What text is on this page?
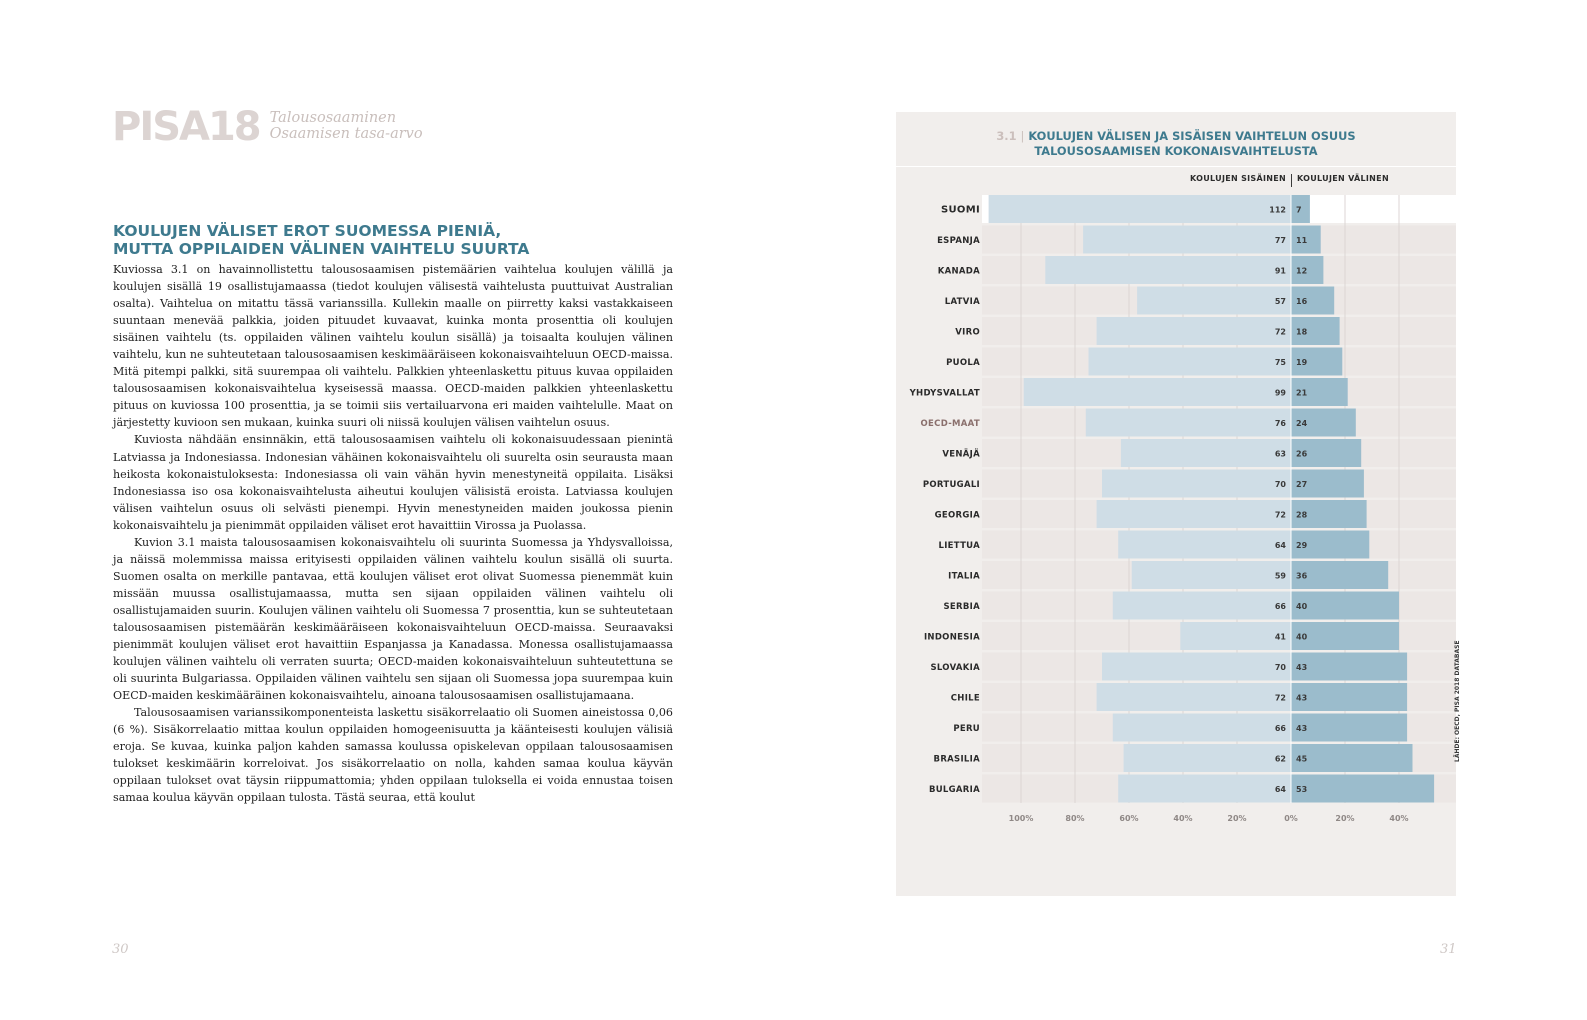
PISA18 Talousosaaminen
Osaamisen tasa-arvo
KOULUJEN VÄLISET EROT SUOMESSA PIENIÄ,
MUTTA OPPILAIDEN VÄLINEN VAIHTELU SUURTA

Kuviossa 3.1 on havainnollistettu talousosaamisen pistemäärien vaihtelua koulujen välillä ja koulujen sisällä 19 osallistujamaassa (tiedot koulujen välisestä vaihtelusta puuttuivat Australian osalta). Vaihtelua on mitattu tässä varianssilla. Kullekin maalle on piirretty kaksi vastakkaiseen suuntaan menevää palkkia, joiden pituudet kuvaavat, kuinka monta prosenttia oli koulujen sisäinen vaihtelu (ts. oppilaiden välinen vaihtelu koulun sisällä) ja toisaalta koulujen välinen vaihtelu, kun ne suhteutetaan talousosaamisen keskimääräiseen kokonaisvaihteluun OECD-maissa. Mitä pitempi palkki, sitä suurempaa oli vaihtelu. Palkkien yhteenlaskettu pituus kuvaa oppilaiden talousosaamisen kokonaisvaihtelua kyseisessä maassa. OECD-maiden palkkien yhteenlaskettu pituus on kuviossa 100 prosenttia, ja se toimii siis vertailuarvona eri maiden vaihtelulle. Maat on järjestetty kuvioon sen mukaan, kuinka suuri oli niissä koulujen välisen vaihtelun osuus.

Kuviosta nähdään ensinnäkin, että talousosaamisen vaihtelu oli kokonaisuudessaan pienintä Latviassa ja Indonesiassa. Indonesian vähäinen kokonaisvaihtelu oli suurelta osin seurausta maan heikosta kokonaistuloksesta: Indonesiassa oli vain vähän hyvin menestyneitä oppilaita. Lisäksi Indonesiassa iso osa kokonaisvaihtelusta aiheutui koulujen välisistä eroista. Latviassa koulujen välisen vaihtelun osuus oli selvästi pienempi. Hyvin menestyneiden maiden joukossa pienin kokonaisvaihtelu ja pienimmät oppilaiden väliset erot havaittiin Virossa ja Puolassa.

Kuvion 3.1 maista talousosaamisen kokonaisvaihtelu oli suurinta Suomessa ja Yhdysvalloissa, ja näissä molemmissa maissa erityisesti oppilaiden välinen vaihtelu koulun sisällä oli suurta. Suomen osalta on merkille pantavaa, että koulujen väliset erot olivat Suomessa pienemmät kuin missään muussa osallistujamaassa, mutta sen sijaan oppilaiden välinen vaihtelu oli osallistujamaiden suurin. Koulujen välinen vaihtelu oli Suomessa 7 prosenttia, kun se suhteutetaan talousosaamisen pistemäärän keskimääräiseen kokonaisvaihteluun OECD-maissa. Seuraavaksi pienimmät koulujen väliset erot havaittiin Espanjassa ja Kanadassa. Monessa osallistujamaassa koulujen välinen vaihtelu oli verraten suurta; OECD-maiden kokonaisvaihteluun suhteutettuna se oli suurinta Bulgariassa. Oppilaiden välinen vaihtelu sen sijaan oli Suomessa jopa suurempaa kuin OECD-maiden keskimääräinen kokonaisvaihtelu, ainoana talousosaamisen osallistujamaana.

Talousosaamisen varianssikomponenteista laskettu sisäkorrelaatio oli Suomen aineistossa 0,06 (6 %). Sisäkorrelaatio mittaa koulun oppilaiden homogeenisuutta ja käänteisesti koulujen välisiä eroja. Se kuvaa, kuinka paljon kahden samassa koulussa opiskelevan oppilaan talousosaamisen tulokset keskimäärin korreloivat. Jos sisäkorrelaatio on nolla, kahden samaa koulua käyvän oppilaan tulokset ovat täysin riippumattomia; yhden oppilaan tuloksella ei voida ennustaa toisen samaa koulua käyvän oppilaan tulosta. Tästä seuraa, että koulut

30	31
3.1 | KOULUJEN VÄLISEN JA SISÄISEN VAIHTELUN OSUUS
TALOUSOSAAMISEN KOKONAISVAIHTELUSTA
KOULUJEN SISÄINEN KOULUJEN VÄLINEN
SUOMI	112 7
ESPANJA	77 11
KANADA	91 12
LATVIA	57 16
VIRO	72 18
PUOLA	75 19
YHDYSVALLAT	99 21
OECD-MAAT	76 24
VENÄJÄ	63 26
PORTUGALI	70 27
GEORGIA	72 28
LIETTUA	64 29
ITALIA	59 36
SERBIA	66 40
INDONESIA	41 40
SLOVAKIA	70 43
CHILE	72 43
PERU	66 43
BRASILIA	62 45
BULGARIA	64 53
100%	80%	60%	40%	20%	0%	20%	40%
LÄHDE: OECD, PISA 2018 DATABASE
